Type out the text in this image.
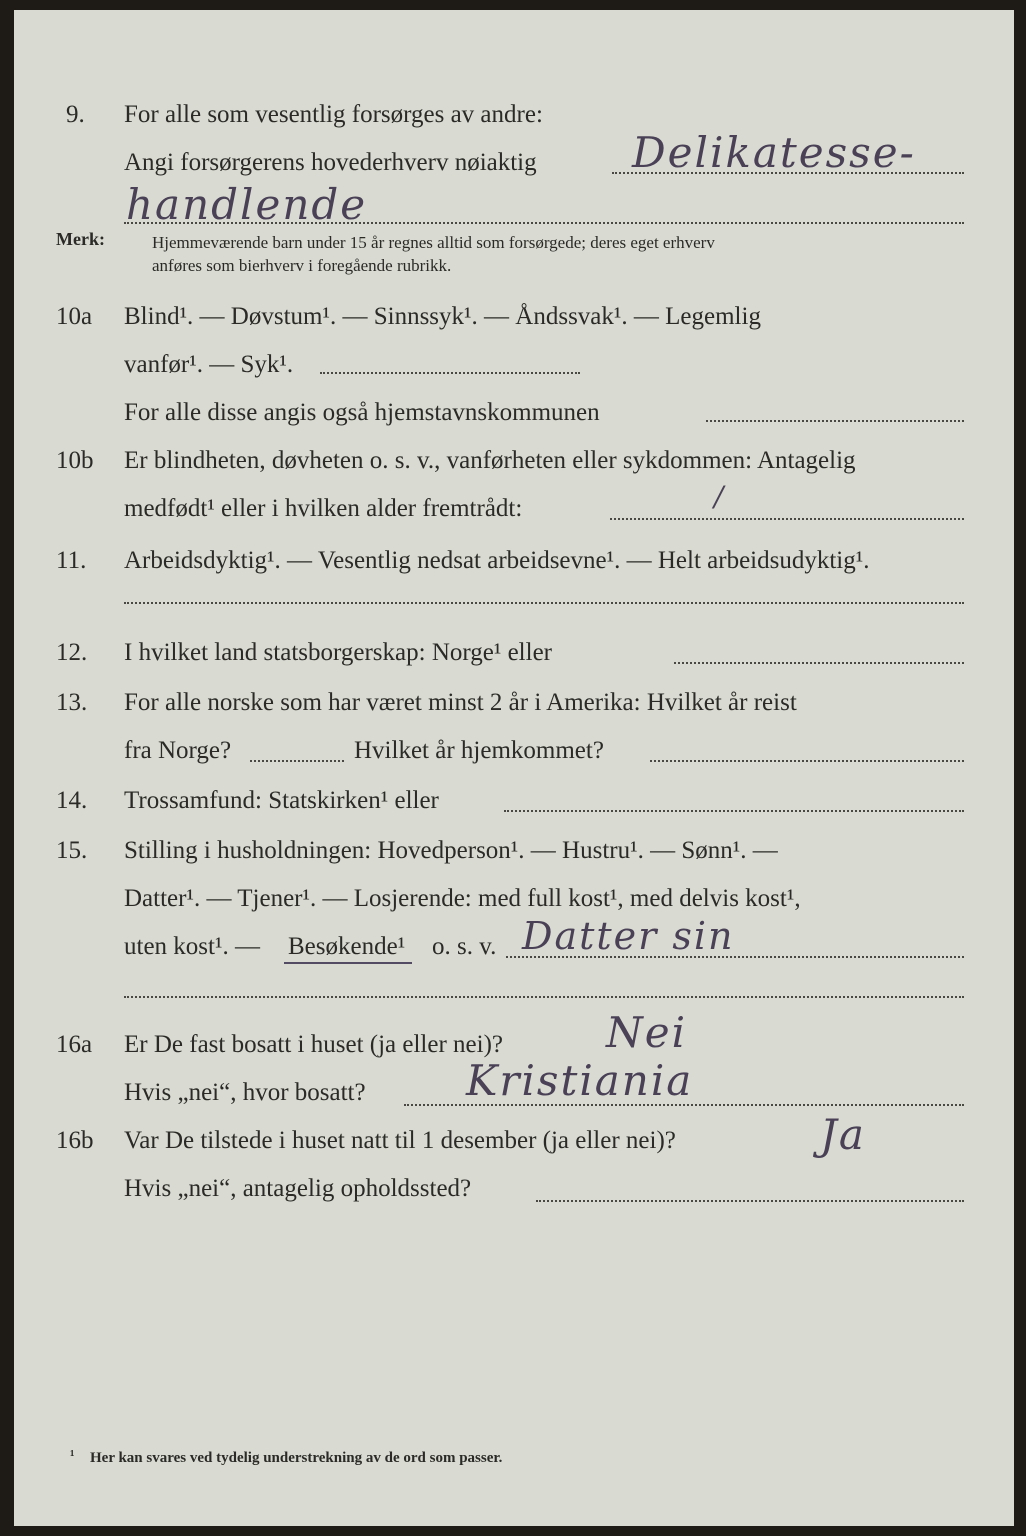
9. For alle som vesentlig forsørges av andre:
Angi forsørgerens hovederhverv nøiaktig Delikatesse-
handlende
Merk:	Hjemmeværende barn under 15 år regnes alltid som forsørgede; deres eget erhverv
anføres som bierhverv i foregående rubrikk.
10a Blind¹. — Døvstum¹. — Sinnssyk¹. — Åndssvak¹. — Legemlig
vanfør¹. — Syk¹.
For alle disse angis også hjemstavnskommunen
10b Er blindheten, døvheten o. s. v., vanførheten eller sykdommen: Antagelig
medfødt¹ eller i hvilken alder fremtrådt:	/
11. Arbeidsdyktig¹. — Vesentlig nedsat arbeidsevne¹. — Helt arbeidsudyktig¹.
12. I hvilket land statsborgerskap: Norge¹ eller
13. For alle norske som har været minst 2 år i Amerika: Hvilket år reist
fra Norge?	Hvilket år hjemkommet?
14. Trossamfund: Statskirken¹ eller
15. Stilling i husholdningen: Hovedperson¹. — Hustru¹. — Sønn¹. —
Datter¹. — Tjener¹. — Losjerende: med full kost¹, med delvis kost¹,
uten kost¹. — Besøkende¹ o. s. v. Datter sin
16a Er De fast bosatt i huset (ja eller nei)? Nei
Hvis „nei“, hvor bosatt? Kristiania
16b Var De tilstede i huset natt til 1 desember (ja eller nei)?	Ja
Hvis „nei“, antagelig opholdssted?
¹ Her kan svares ved tydelig understrekning av de ord som passer.
